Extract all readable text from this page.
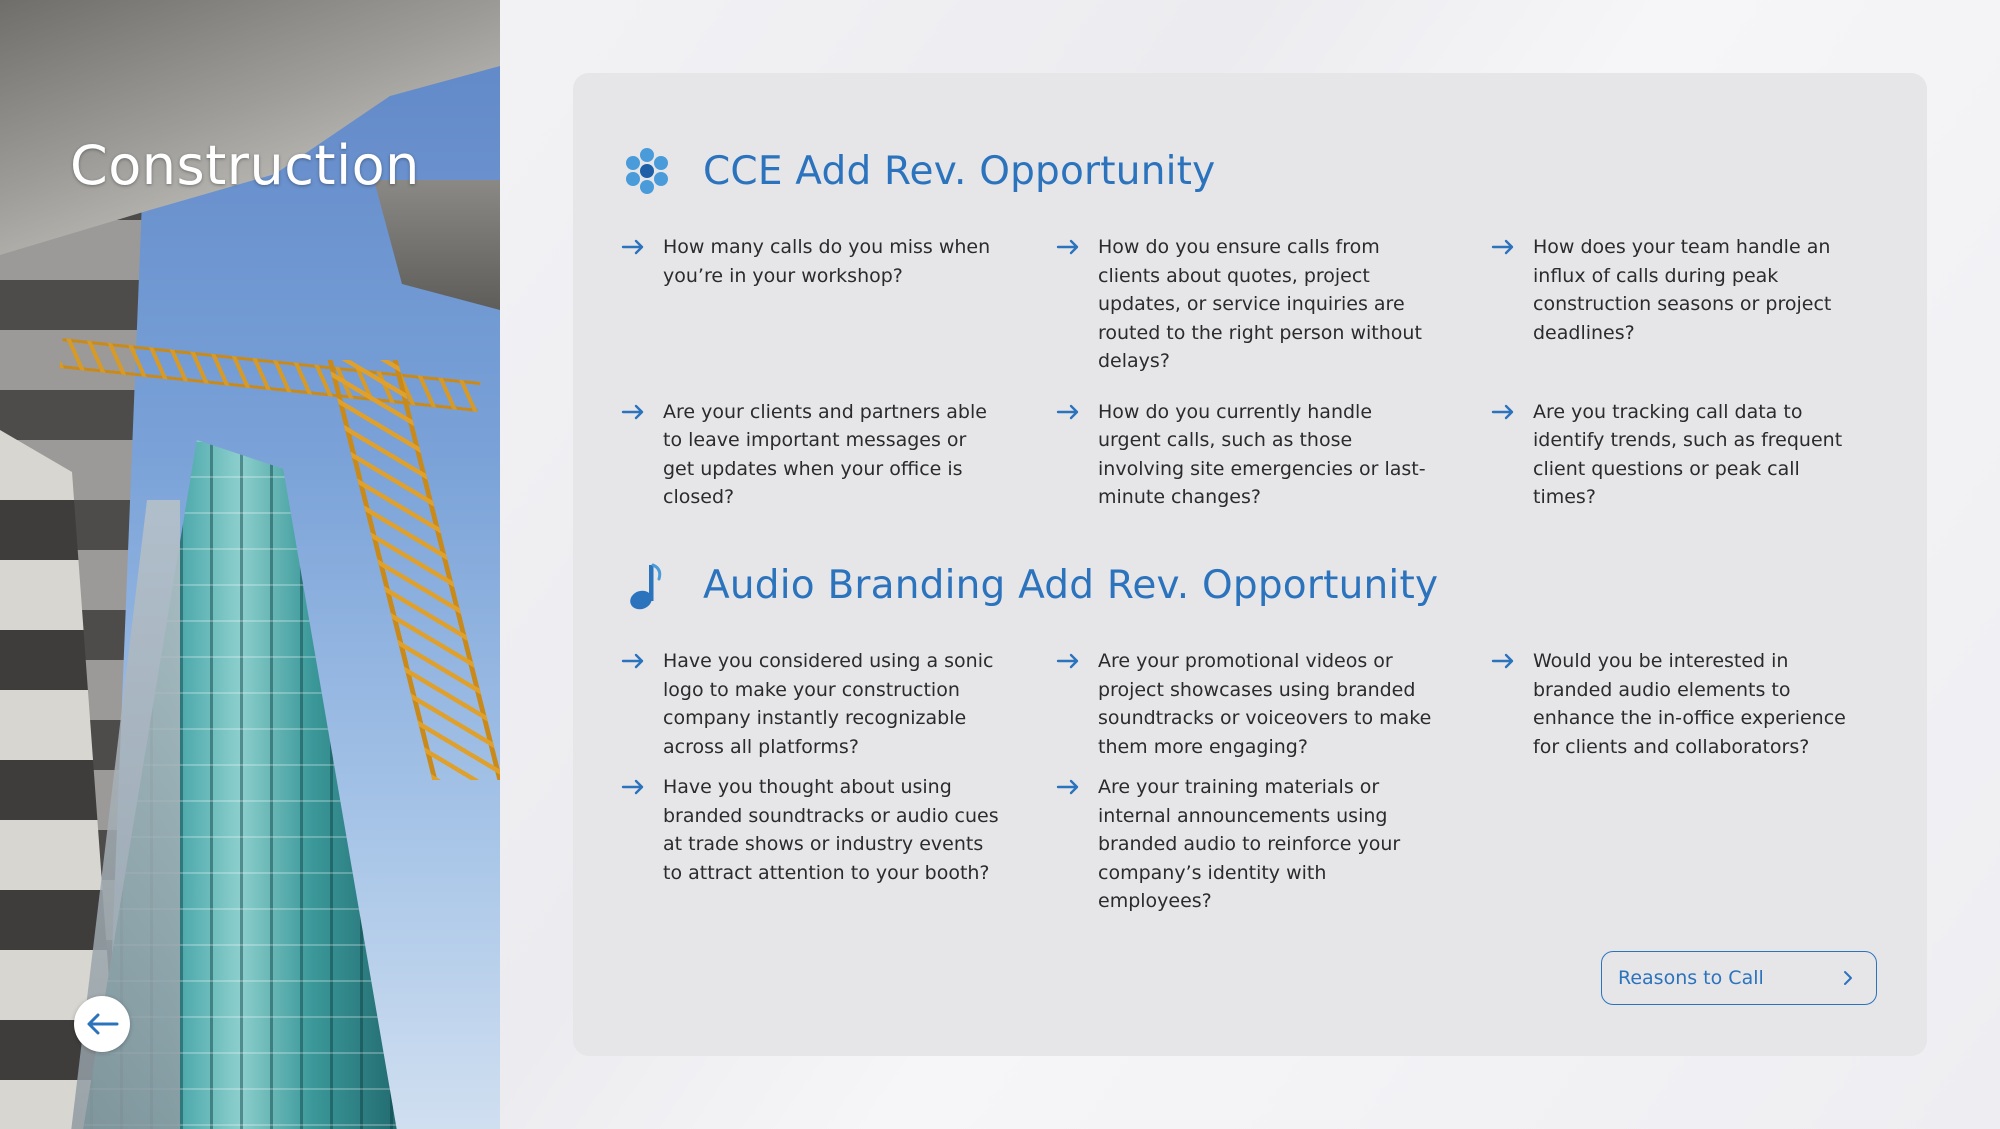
Construction	CCE Add Rev. Opportunity
How many calls do you miss when you’re in your workshop?
How do you ensure calls from clients about quotes, project updates, or service inquiries are routed to the right person without delays?
How does your team handle an influx of calls during peak construction seasons or project deadlines?
Are your clients and partners able to leave important messages or get updates when your office is closed?
How do you currently handle urgent calls, such as those involving site emergencies or last-minute changes?
Are you tracking call data to identify trends, such as frequent client questions or peak call times?
Audio Branding Add Rev. Opportunity
Have you considered using a sonic logo to make your construction company instantly recognizable across all platforms?
Are your promotional videos or project showcases using branded soundtracks or voiceovers to make them more engaging?
Would you be interested in branded audio elements to enhance the in-office experience for clients and collaborators?
Have you thought about using branded soundtracks or audio cues at trade shows or industry events to attract attention to your booth?
Are your training materials or internal announcements using branded audio to reinforce your company’s identity with employees?
Reasons to Call
